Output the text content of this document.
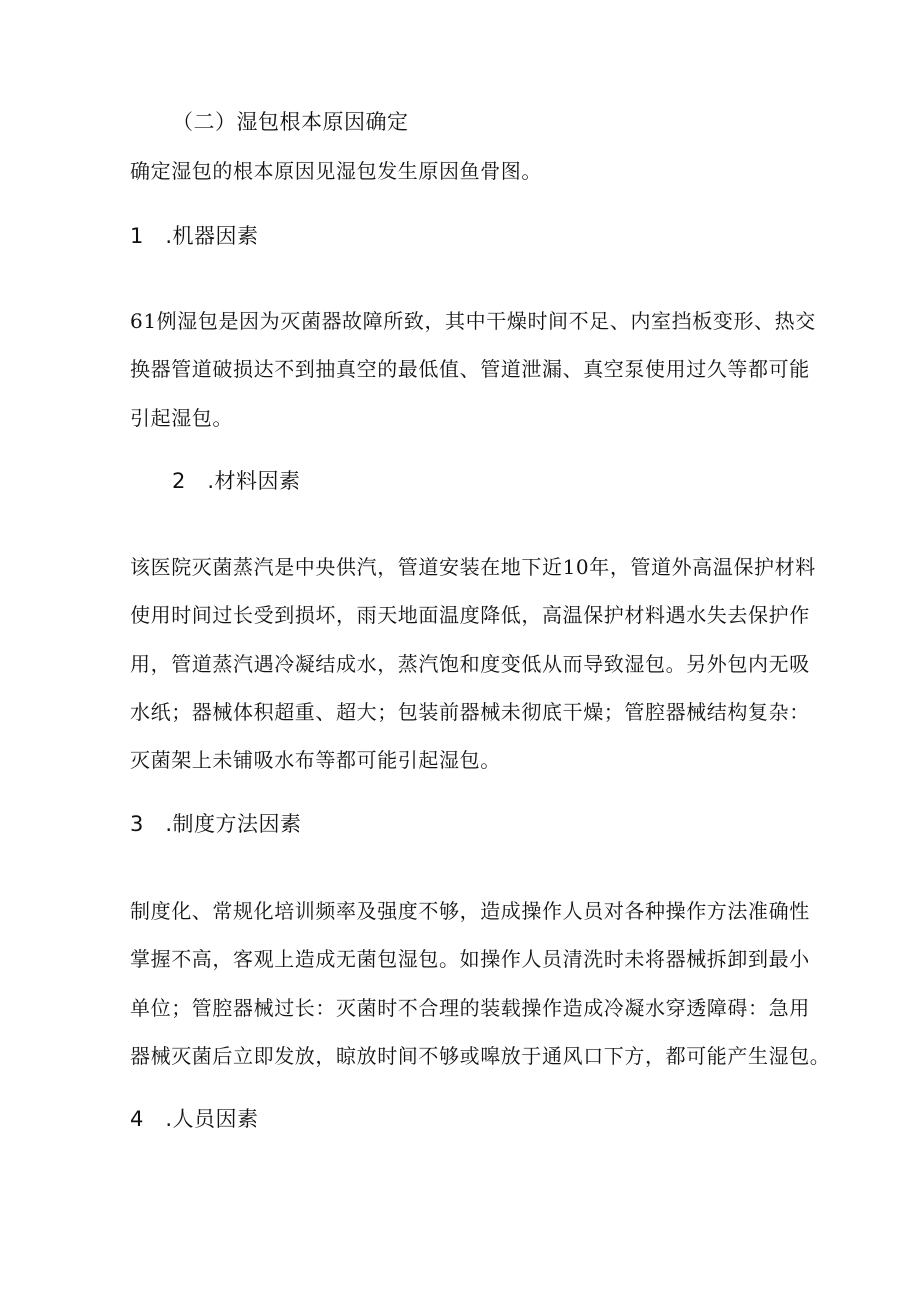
（二）湿包根本原因确定
确定湿包的根本原因见湿包发生原因鱼骨图。
1　.机器因素
61例湿包是因为灭菌器故障所致，其中干燥时间不足、内室挡板变形、热交
换器管道破损达不到抽真空的最低值、管道泄漏、真空泵使用过久等都可能
引起湿包。
2　.材料因素
该医院灭菌蒸汽是中央供汽，管道安装在地下近10年，管道外高温保护材料
使用时间过长受到损坏，雨天地面温度降低，高温保护材料遇水失去保护作
用，管道蒸汽遇冷凝结成水，蒸汽饱和度变低从而导致湿包。另外包内无吸
水纸；器械体积超重、超大；包装前器械未彻底干燥；管腔器械结构复杂：
灭菌架上未铺吸水布等都可能引起湿包。
3　.制度方法因素
制度化、常规化培训频率及强度不够，造成操作人员对各种操作方法准确性
掌握不高，客观上造成无菌包湿包。如操作人员清洗时未将器械拆卸到最小
单位；管腔器械过长：灭菌时不合理的装载操作造成冷凝水穿透障碍：急用
器械灭菌后立即发放，晾放时间不够或嗥放于通风口下方，都可能产生湿包。
4　.人员因素
